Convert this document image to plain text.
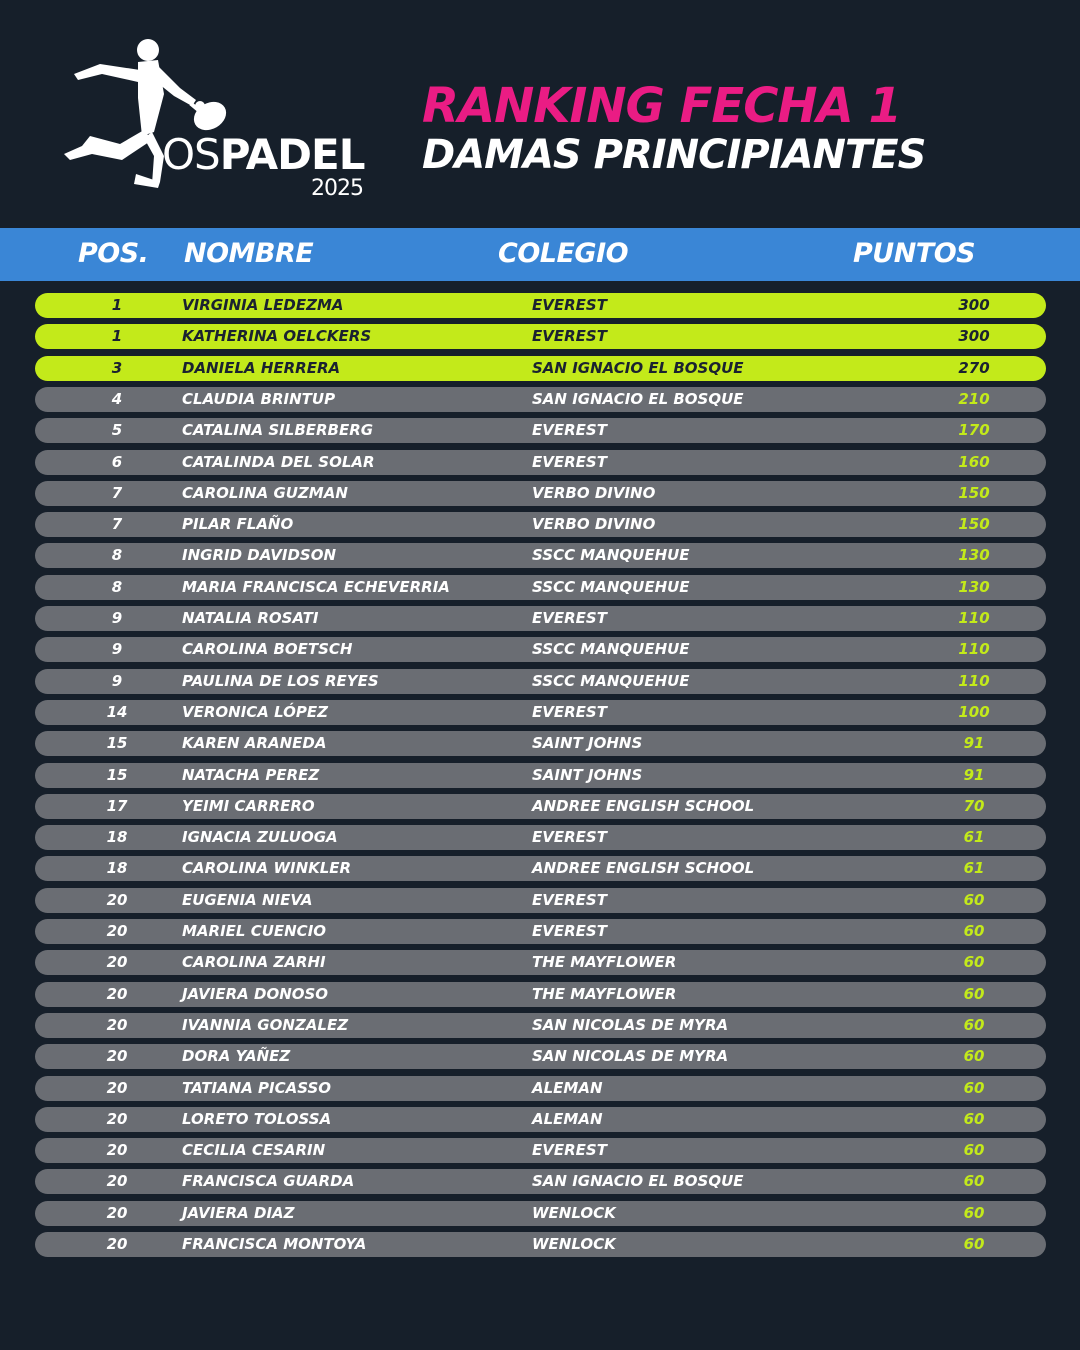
OSPADEL
2025
RANKING FECHA 1
DAMAS PRINCIPIANTES
POS. NOMBRE	COLEGIO	PUNTOS
1	VIRGINIA LEDEZMA	EVEREST	300
1	KATHERINA OELCKERS	EVEREST	300
3	DANIELA HERRERA	SAN IGNACIO EL BOSQUE	270
4	CLAUDIA BRINTUP	SAN IGNACIO EL BOSQUE	210
5	CATALINA SILBERBERG	EVEREST	170
6	CATALINDA DEL SOLAR	EVEREST	160
7	CAROLINA GUZMAN	VERBO DIVINO	150
7	PILAR FLAÑO	VERBO DIVINO	150
8	INGRID DAVIDSON	SSCC MANQUEHUE	130
8	MARIA FRANCISCA ECHEVERRIA	SSCC MANQUEHUE	130
9	NATALIA ROSATI	EVEREST	110
9	CAROLINA BOETSCH	SSCC MANQUEHUE	110
9	PAULINA DE LOS REYES	SSCC MANQUEHUE	110
14	VERONICA LÓPEZ	EVEREST	100
15	KAREN ARANEDA	SAINT JOHNS	91
15	NATACHA PEREZ	SAINT JOHNS	91
17	YEIMI CARRERO	ANDREE ENGLISH SCHOOL	70
18	IGNACIA ZULUOGA	EVEREST	61
18	CAROLINA WINKLER	ANDREE ENGLISH SCHOOL	61
20	EUGENIA NIEVA	EVEREST	60
20	MARIEL CUENCIO	EVEREST	60
20	CAROLINA ZARHI	THE MAYFLOWER	60
20	JAVIERA DONOSO	THE MAYFLOWER	60
20	IVANNIA GONZALEZ	SAN NICOLAS DE MYRA	60
20	DORA YAÑEZ	SAN NICOLAS DE MYRA	60
20	TATIANA PICASSO	ALEMAN	60
20	LORETO TOLOSSA	ALEMAN	60
20	CECILIA CESARIN	EVEREST	60
20	FRANCISCA GUARDA	SAN IGNACIO EL BOSQUE	60
20	JAVIERA DIAZ	WENLOCK	60
20	FRANCISCA MONTOYA	WENLOCK	60
